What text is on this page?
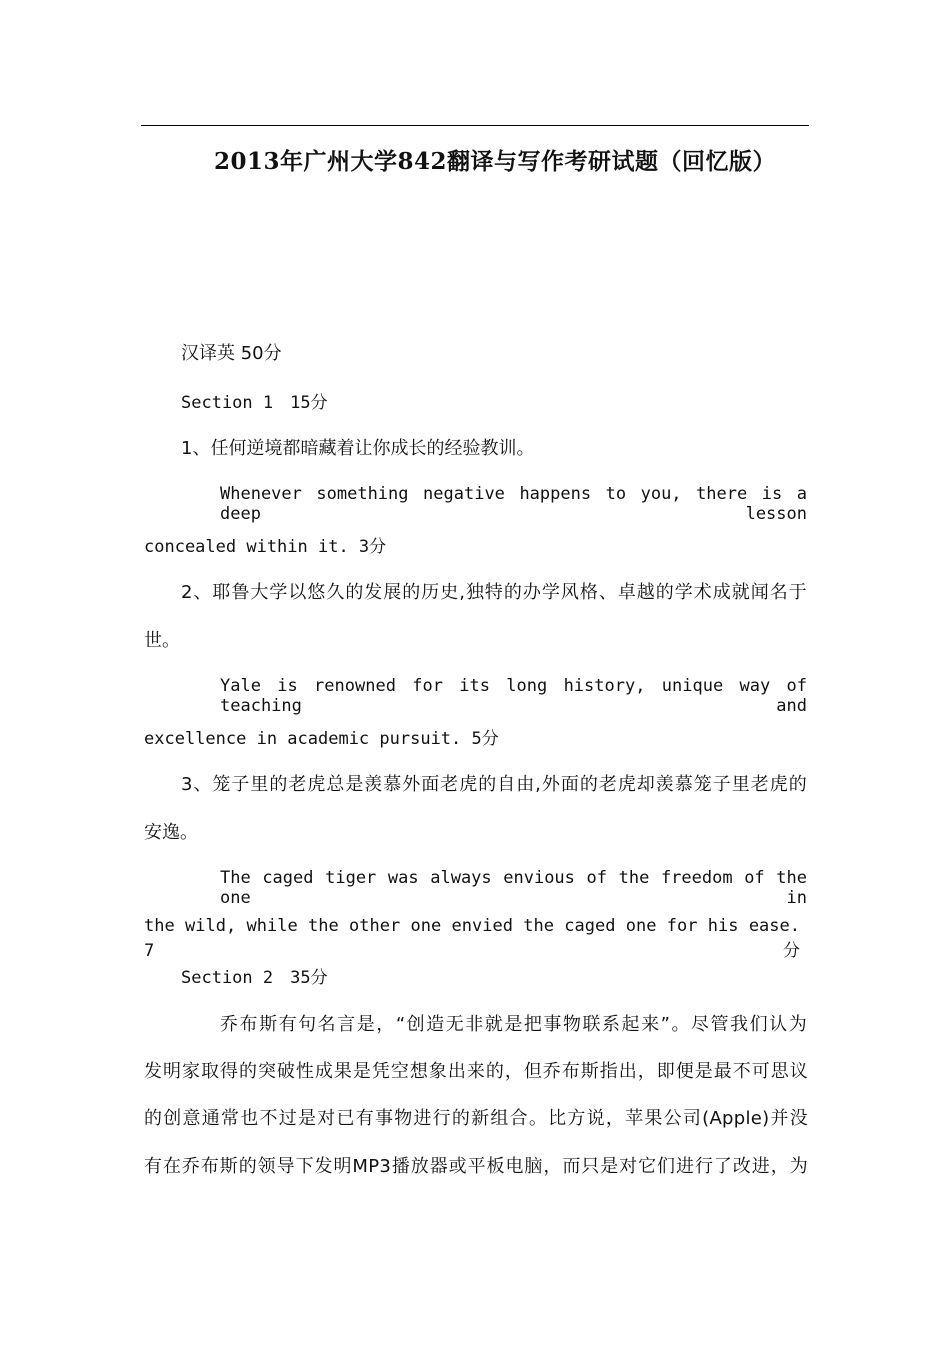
2013年广州大学842翻译与写作考研试题（回忆版）
汉译英 50分
Section 1　15分
1、任何逆境都暗藏着让你成长的经验教训。
Whenever something negative happens to you, there is a deep lesson
concealed within it. 3分
2、耶鲁大学以悠久的发展的历史,独特的办学风格、卓越的学术成就闻名于
世。
Yale is renowned for its long history, unique way of teaching and
excellence in academic pursuit. 5分
3、笼子里的老虎总是羡慕外面老虎的自由,外面的老虎却羡慕笼子里老虎的
安逸。
The caged tiger was always envious of the freedom of the one in
the wild, while the other one envied the caged one for his ease. 7分
Section 2　35分
乔布斯有句名言是，“创造无非就是把事物联系起来”。尽管我们认为
发明家取得的突破性成果是凭空想象出来的，但乔布斯指出，即便是最不可思议
的创意通常也不过是对已有事物进行的新组合。比方说，苹果公司(Apple)并没
有在乔布斯的领导下发明MP3播放器或平板电脑，而只是对它们进行了改进，为
